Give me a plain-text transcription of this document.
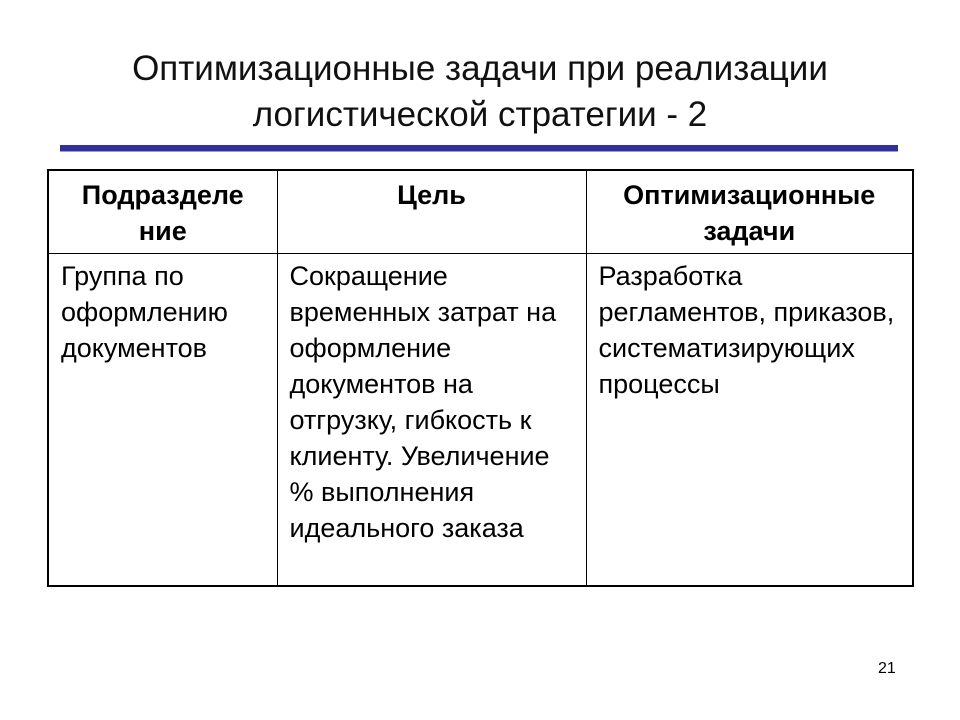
Оптимизационные задачи при реализации логистической стратегии - 2
Подразделе ние	Цель	Оптимизационные задачи

Группа по оформлению документов	Сокращение временных затрат на оформление документов на отгрузку, гибкость к клиенту. Увеличение % выполнения идеального заказа	Разработка регламентов, приказов, систематизирующих процессы
21
